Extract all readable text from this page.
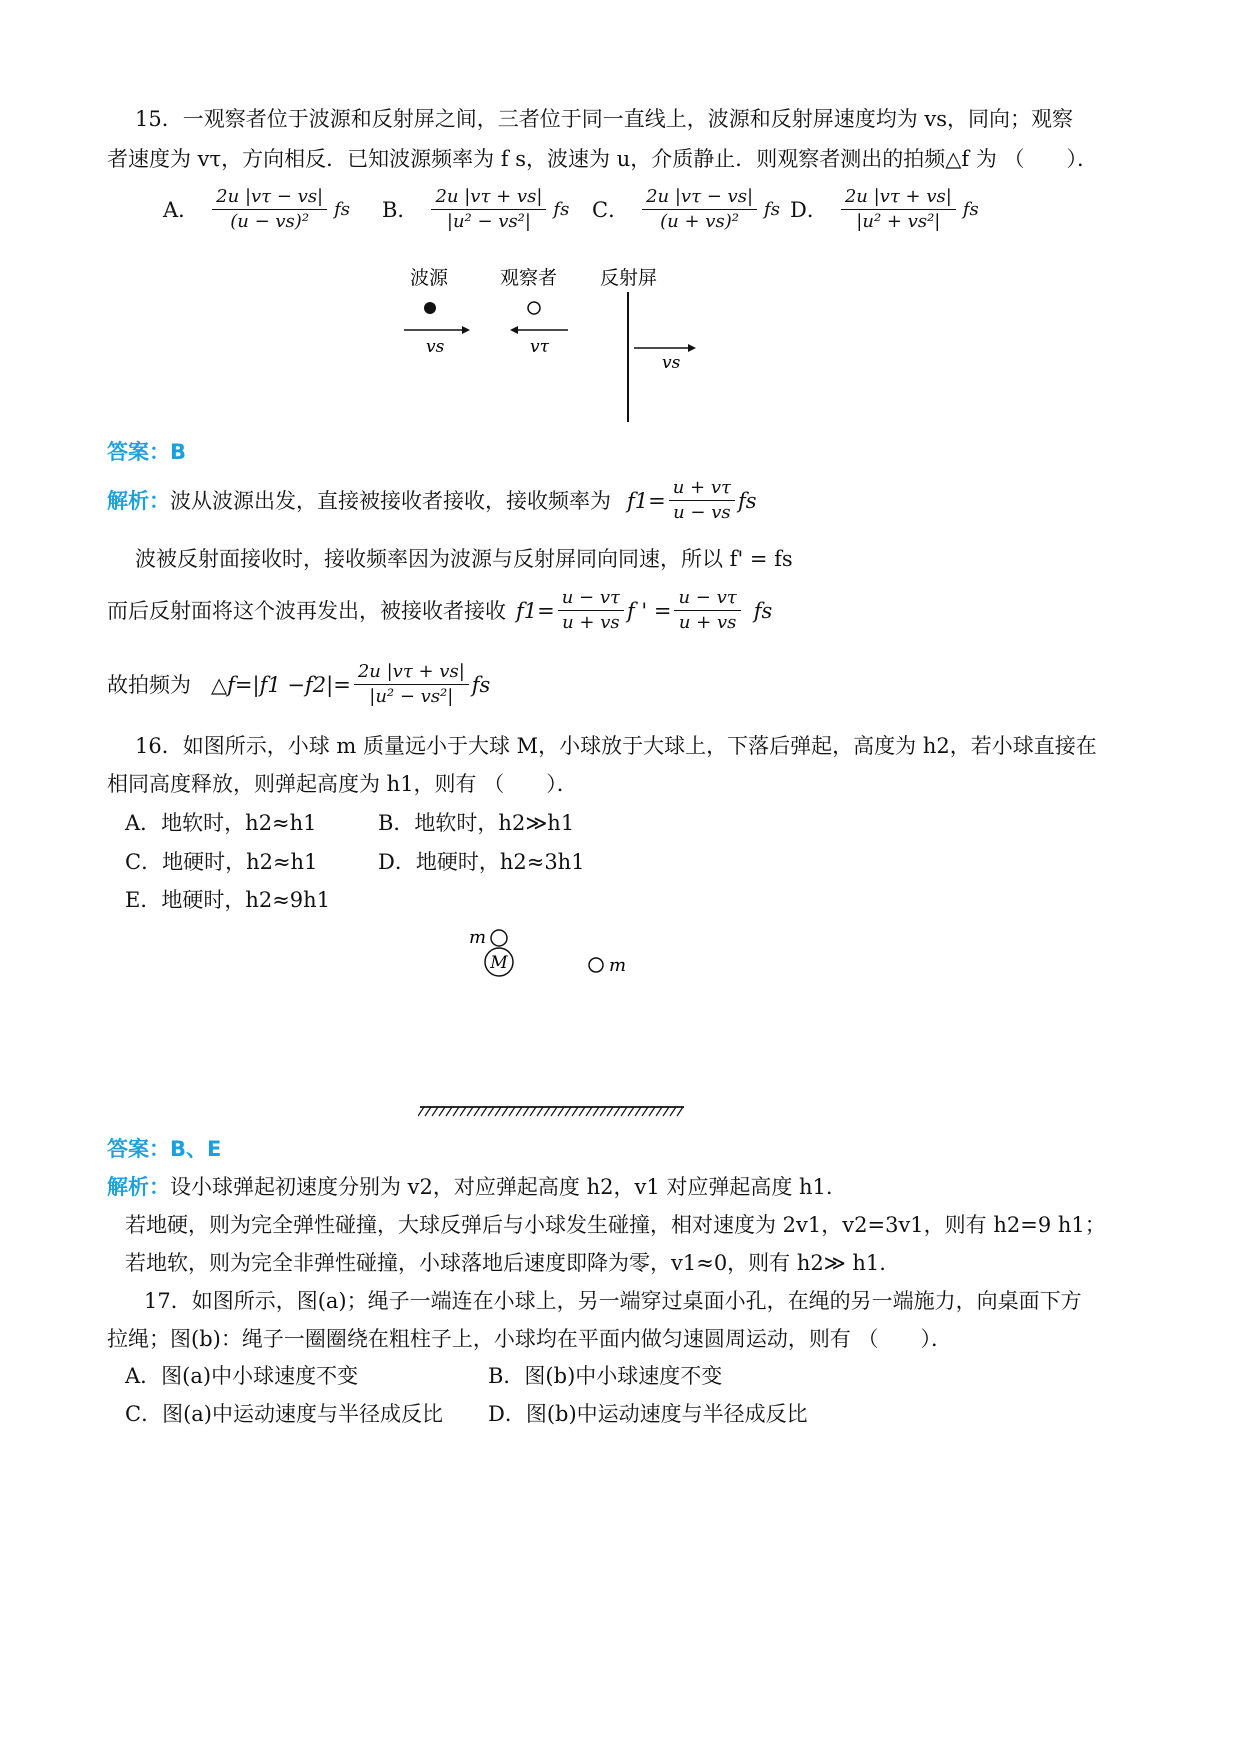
15．一观察者位于波源和反射屏之间，三者位于同一直线上，波源和反射屏速度均为 vs，同向；观察
者速度为 vτ，方向相反．已知波源频率为 f s，波速为 u，介质静止．则观察者测出的拍频△f 为 （　　）．
A． $\frac{2u |v\tau - vs|}{\text{(u − vs)²}}$ fs B． $\frac{2u |v\tau + vs|}{\text{|u² − vs²|}}$ fs C． $\frac{2u |v\tau - vs|}{\text{(u + vs)²}}$ fs D． $\frac{2u |v\tau + vs|}{\text{|u² + vs²|}}$ fs
波源	观察者 反射屏
vs	vτ
vs
答案：B
解析： 波从波源出发，直接被接收者接收，接收频率为 $f1= \frac{u + v\tau}{u - vs}$ fs
波被反射面接收时，接收频率因为波源与反射屏同向同速，所以 f' = fs
而后反射面将这个波再发出，被接收者接收 $f1= \frac{u - v\tau}{u + vs}$ f ' = $\frac{u - v\tau}{u + vs}$ fs
故拍频为 △f=|f1 $-f2|= \frac{2u |v\tau + vs|}{\text{|u² − vs²|}}$ fs
16．如图所示，小球 m 质量远小于大球 M，小球放于大球上，下落后弹起，高度为 h2，若小球直接在
相同高度释放，则弹起高度为 h1，则有 （　　）．
A．地软时，h2≈h1	B．地软时，h2≫h1
C．地硬时，h2≈h1	D．地硬时，h2≈3h1
E．地硬时，h2≈9h1
m
M	m
答案：B、E
解析：设小球弹起初速度分别为 v2，对应弹起高度 h2，v1 对应弹起高度 h1.
若地硬，则为完全弹性碰撞，大球反弹后与小球发生碰撞，相对速度为 2v1，v2=3v1，则有 h2=9 h1；
若地软，则为完全非弹性碰撞，小球落地后速度即降为零，v1≈0，则有 h2≫ h1.
17．如图所示，图(a)；绳子一端连在小球上，另一端穿过桌面小孔，在绳的另一端施力，向桌面下方
拉绳；图(b)：绳子一圈圈绕在粗柱子上，小球均在平面内做匀速圆周运动，则有 （　　）．
A．图(a)中小球速度不变	B．图(b)中小球速度不变
C．图(a)中运动速度与半径成反比 D．图(b)中运动速度与半径成反比
